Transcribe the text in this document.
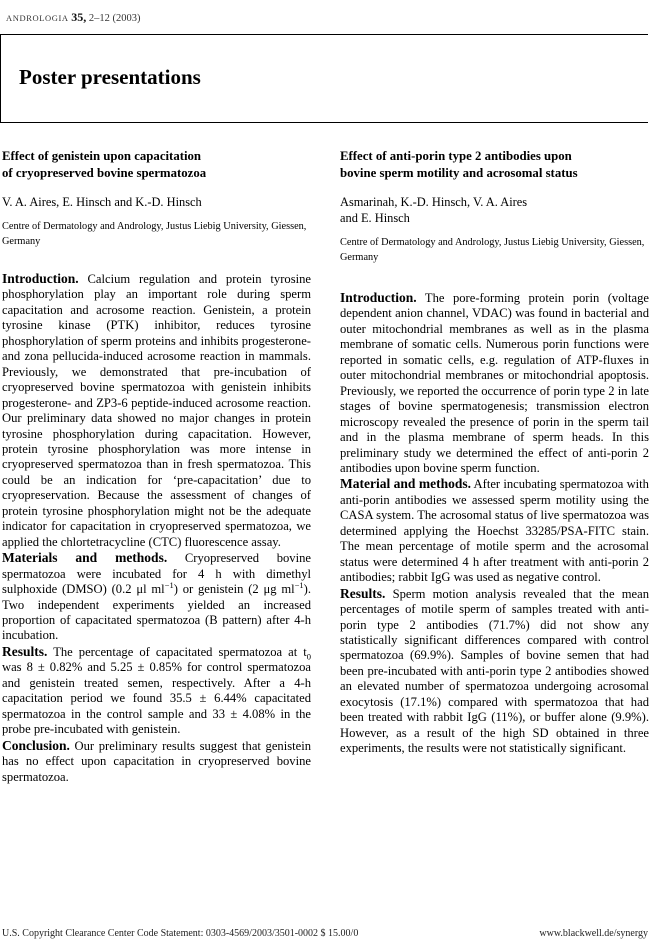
ANDROLOGIA 35, 2–12 (2003)
Poster presentations

Effect of genistein upon capacitation
of cryopreserved bovine spermatozoa

V. A. Aires, E. Hinsch and K.-D. Hinsch

Centre of Dermatology and Andrology, Justus Liebig University, Giessen, Germany

Introduction. Calcium regulation and protein tyrosine phosphorylation play an important role during sperm capacitation and acrosome reaction. Genistein, a protein tyrosine kinase (PTK) inhibitor, reduces tyrosine phosphorylation of sperm proteins and inhibits progesterone- and zona pellucida-induced acrosome reaction in mammals. Previously, we demonstrated that pre-incubation of cryopreserved bovine spermatozoa with genistein inhibits progesterone- and ZP3-6 peptide-induced acrosome reaction. Our preliminary data showed no major changes in protein tyrosine phosphorylation during capacitation. However, protein tyrosine phosphorylation was more intense in cryopreserved spermatozoa than in fresh spermatozoa. This could be an indication for ‘pre-capacitation’ due to cryopreservation. Because the assessment of changes of protein tyrosine phosphorylation might not be the adequate indicator for capacitation in cryopreserved spermatozoa, we applied the chlortetracycline (CTC) fluorescence assay.

Materials and methods. Cryopreserved bovine spermatozoa were incubated for 4 h with dimethyl sulphoxide (DMSO) (0.2 μl $ml^{-1}$) or genistein (2 μg $ml^{-1}$). Two independent experiments yielded an increased proportion of capacitated spermatozoa (B pattern) after 4-h incubation.

Results. The percentage of capacitated spermatozoa at $t_0$ was 8 ± 0.82% and 5.25 ± 0.85% for control spermatozoa and genistein treated semen, respectively. After a 4-h capacitation period we found 35.5 ± 6.44% capacitated spermatozoa in the control sample and 33 ± 4.08% in the probe pre-incubated with genistein.

Conclusion. Our preliminary results suggest that genistein has no effect upon capacitation in cryopreserved bovine spermatozoa.

Effect of anti-porin type 2 antibodies upon
bovine sperm motility and acrosomal status

Asmarinah, K.-D. Hinsch, V. A. Aires
and E. Hinsch

Centre of Dermatology and Andrology, Justus Liebig University, Giessen, Germany

Introduction. The pore-forming protein porin (voltage dependent anion channel, VDAC) was found in bacterial and outer mitochondrial membranes as well as in the plasma membrane of somatic cells. Numerous porin functions were reported in somatic cells, e.g. regulation of ATP-fluxes in outer mitochondrial membranes or mitochondrial apoptosis. Previously, we reported the occurrence of porin type 2 in late stages of bovine spermatogenesis; transmission electron microscopy revealed the presence of porin in the sperm tail and in the plasma membrane of sperm heads. In this preliminary study we determined the effect of anti-porin 2 antibodies upon bovine sperm function.

Material and methods. After incubating spermatozoa with anti-porin antibodies we assessed sperm motility using the CASA system. The acrosomal status of live spermatozoa was determined applying the Hoechst 33285/PSA-FITC stain. The mean percentage of motile sperm and the acrosomal status were determined 4 h after treatment with anti-porin 2 antibodies; rabbit IgG was used as negative control.

Results. Sperm motion analysis revealed that the mean percentages of motile sperm of samples treated with anti-porin type 2 antibodies (71.7%) did not show any statistically significant differences compared with control spermatozoa (69.9%). Samples of bovine semen that had been pre-incubated with anti-porin type 2 antibodies showed an elevated number of spermatozoa undergoing acrosomal exocytosis (17.1%) compared with spermatozoa that had been treated with rabbit IgG (11%), or buffer alone (9.9%). However, as a result of the high SD obtained in three experiments, the results were not statistically significant.

U.S. Copyright Clearance Center Code Statement: 0303-4569/2003/3501-0002 $ 15.00/0	www.blackwell.de/synergy
